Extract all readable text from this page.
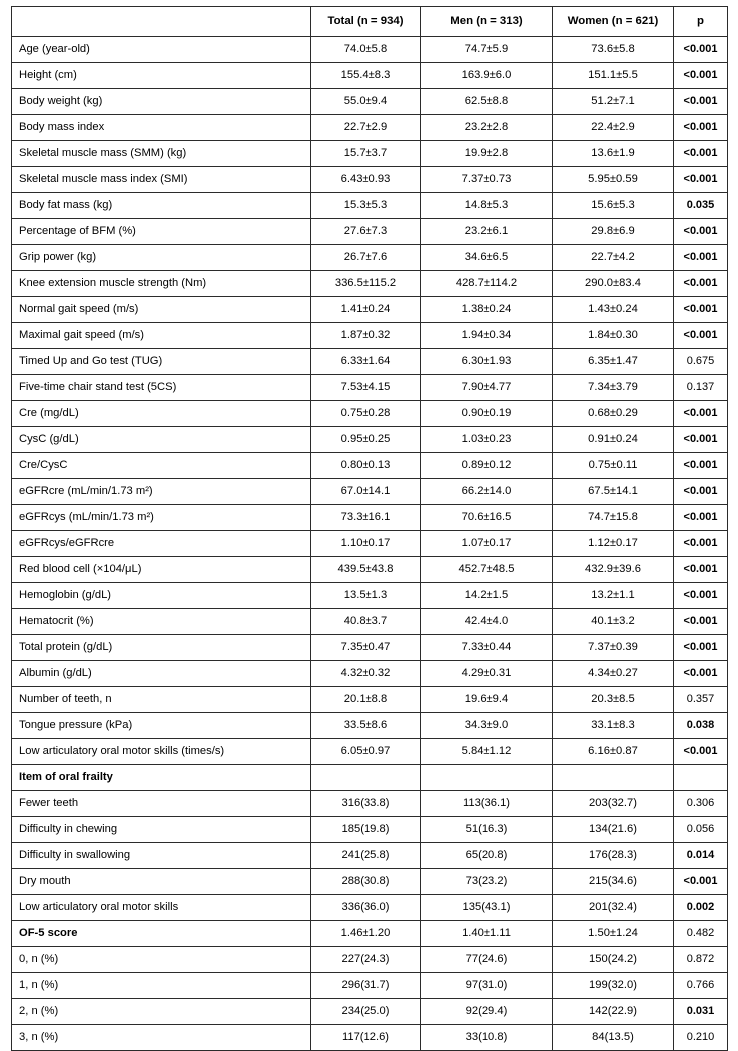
	Total (n = 934)	Men (n = 313)	Women (n = 621)	p
Age (year-old)	74.0±5.8	74.7±5.9	73.6±5.8	<0.001
Height (cm)	155.4±8.3	163.9±6.0	151.1±5.5	<0.001
Body weight (kg)	55.0±9.4	62.5±8.8	51.2±7.1	<0.001
Body mass index	22.7±2.9	23.2±2.8	22.4±2.9	<0.001
Skeletal muscle mass (SMM) (kg)	15.7±3.7	19.9±2.8	13.6±1.9	<0.001
Skeletal muscle mass index (SMI)	6.43±0.93	7.37±0.73	5.95±0.59	<0.001
Body fat mass (kg)	15.3±5.3	14.8±5.3	15.6±5.3	0.035
Percentage of BFM (%)	27.6±7.3	23.2±6.1	29.8±6.9	<0.001
Grip power (kg)	26.7±7.6	34.6±6.5	22.7±4.2	<0.001
Knee extension muscle strength (Nm)	336.5±115.2	428.7±114.2	290.0±83.4	<0.001
Normal gait speed (m/s)	1.41±0.24	1.38±0.24	1.43±0.24	<0.001
Maximal gait speed (m/s)	1.87±0.32	1.94±0.34	1.84±0.30	<0.001
Timed Up and Go test (TUG)	6.33±1.64	6.30±1.93	6.35±1.47	0.675
Five-time chair stand test (5CS)	7.53±4.15	7.90±4.77	7.34±3.79	0.137
Cre (mg/dL)	0.75±0.28	0.90±0.19	0.68±0.29	<0.001
CysC (g/dL)	0.95±0.25	1.03±0.23	0.91±0.24	<0.001
Cre/CysC	0.80±0.13	0.89±0.12	0.75±0.11	<0.001
eGFRcre (mL/min/1.73 m²)	67.0±14.1	66.2±14.0	67.5±14.1	<0.001
eGFRcys (mL/min/1.73 m²)	73.3±16.1	70.6±16.5	74.7±15.8	<0.001
eGFRcys/eGFRcre	1.10±0.17	1.07±0.17	1.12±0.17	<0.001
Red blood cell (×104/μL)	439.5±43.8	452.7±48.5	432.9±39.6	<0.001
Hemoglobin (g/dL)	13.5±1.3	14.2±1.5	13.2±1.1	<0.001
Hematocrit (%)	40.8±3.7	42.4±4.0	40.1±3.2	<0.001
Total protein (g/dL)	7.35±0.47	7.33±0.44	7.37±0.39	<0.001
Albumin (g/dL)	4.32±0.32	4.29±0.31	4.34±0.27	<0.001
Number of teeth, n	20.1±8.8	19.6±9.4	20.3±8.5	0.357
Tongue pressure (kPa)	33.5±8.6	34.3±9.0	33.1±8.3	0.038
Low articulatory oral motor skills (times/s)	6.05±0.97	5.84±1.12	6.16±0.87	<0.001
Item of oral frailty				
Fewer teeth	316(33.8)	113(36.1)	203(32.7)	0.306
Difficulty in chewing	185(19.8)	51(16.3)	134(21.6)	0.056
Difficulty in swallowing	241(25.8)	65(20.8)	176(28.3)	0.014
Dry mouth	288(30.8)	73(23.2)	215(34.6)	<0.001
Low articulatory oral motor skills	336(36.0)	135(43.1)	201(32.4)	0.002
OF-5 score	1.46±1.20	1.40±1.11	1.50±1.24	0.482
0, n (%)	227(24.3)	77(24.6)	150(24.2)	0.872
1, n (%)	296(31.7)	97(31.0)	199(32.0)	0.766
2, n (%)	234(25.0)	92(29.4)	142(22.9)	0.031
3, n (%)	117(12.6)	33(10.8)	84(13.5)	0.210
